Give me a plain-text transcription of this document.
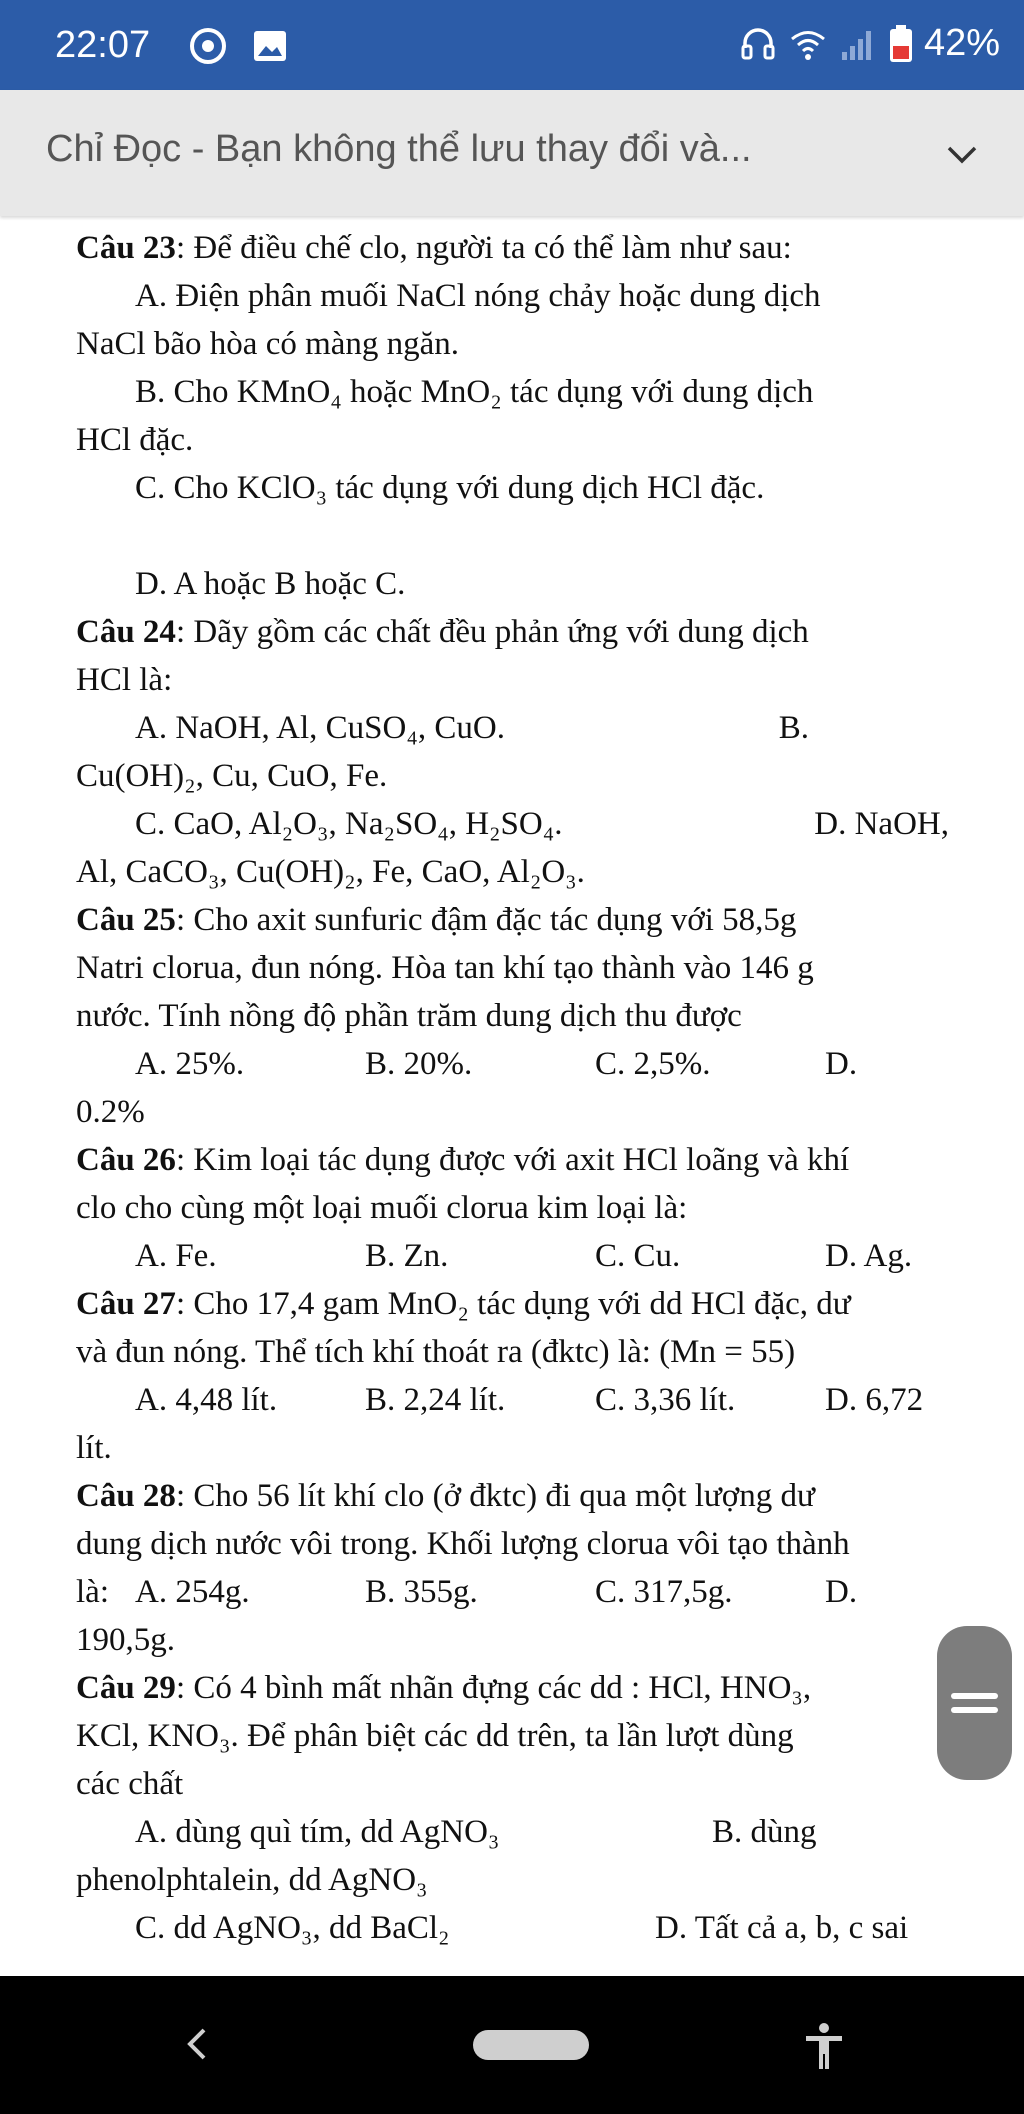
22:07	42%
Chỉ Đọc - Bạn không thể lưu thay đổi và...
Câu 23: Để điều chế clo, người ta có thể làm như sau:
A. Điện phân muối NaCl nóng chảy hoặc dung dịch
NaCl bão hòa có màng ngăn.
B. Cho KMnO₄ hoặc MnO₂ tác dụng với dung dịch
HCl đặc.
C. Cho KClO₃ tác dụng với dung dịch HCl đặc.
D. A hoặc B hoặc C.
Câu 24: Dãy gồm các chất đều phản ứng với dung dịch
HCl là:
A. NaOH, Al, CuSO₄, CuO.	B.
Cu(OH)₂, Cu, CuO, Fe.
C. CaO, Al₂O₃, Na₂SO₄, H₂SO₄.	D. NaOH,
Al, CaCO₃, Cu(OH)₂, Fe, CaO, Al₂O₃.
Câu 25: Cho axit sunfuric đậm đặc tác dụng với 58,5g
Natri clorua, đun nóng. Hòa tan khí tạo thành vào 146 g
nước. Tính nồng độ phần trăm dung dịch thu được
A. 25%.	B. 20%.	C. 2,5%.	D.
0.2%
Câu 26: Kim loại tác dụng được với axit HCl loãng và khí
clo cho cùng một loại muối clorua kim loại là:
A. Fe.	B. Zn.	C. Cu.	D. Ag.
Câu 27: Cho 17,4 gam MnO₂ tác dụng với dd HCl đặc, dư
và đun nóng. Thể tích khí thoát ra (đktc) là: (Mn = 55)
A. 4,48 lít.	B. 2,24 lít.	C. 3,36 lít.	D. 6,72
lít.
Câu 28: Cho 56 lít khí clo (ở đktc) đi qua một lượng dư
dung dịch nước vôi trong. Khối lượng clorua vôi tạo thành
là: A. 254g.	B. 355g.	C. 317,5g.	D.
190,5g.
Câu 29: Có 4 bình mất nhãn đựng các dd : HCl, HNO₃,
KCl, KNO₃. Để phân biệt các dd trên, ta lần lượt dùng
các chất
A. dùng quì tím, dd AgNO₃	B. dùng
phenolphtalein, dd AgNO₃
C. dd AgNO₃, dd BaCl₂	D. Tất cả a, b, c sai
